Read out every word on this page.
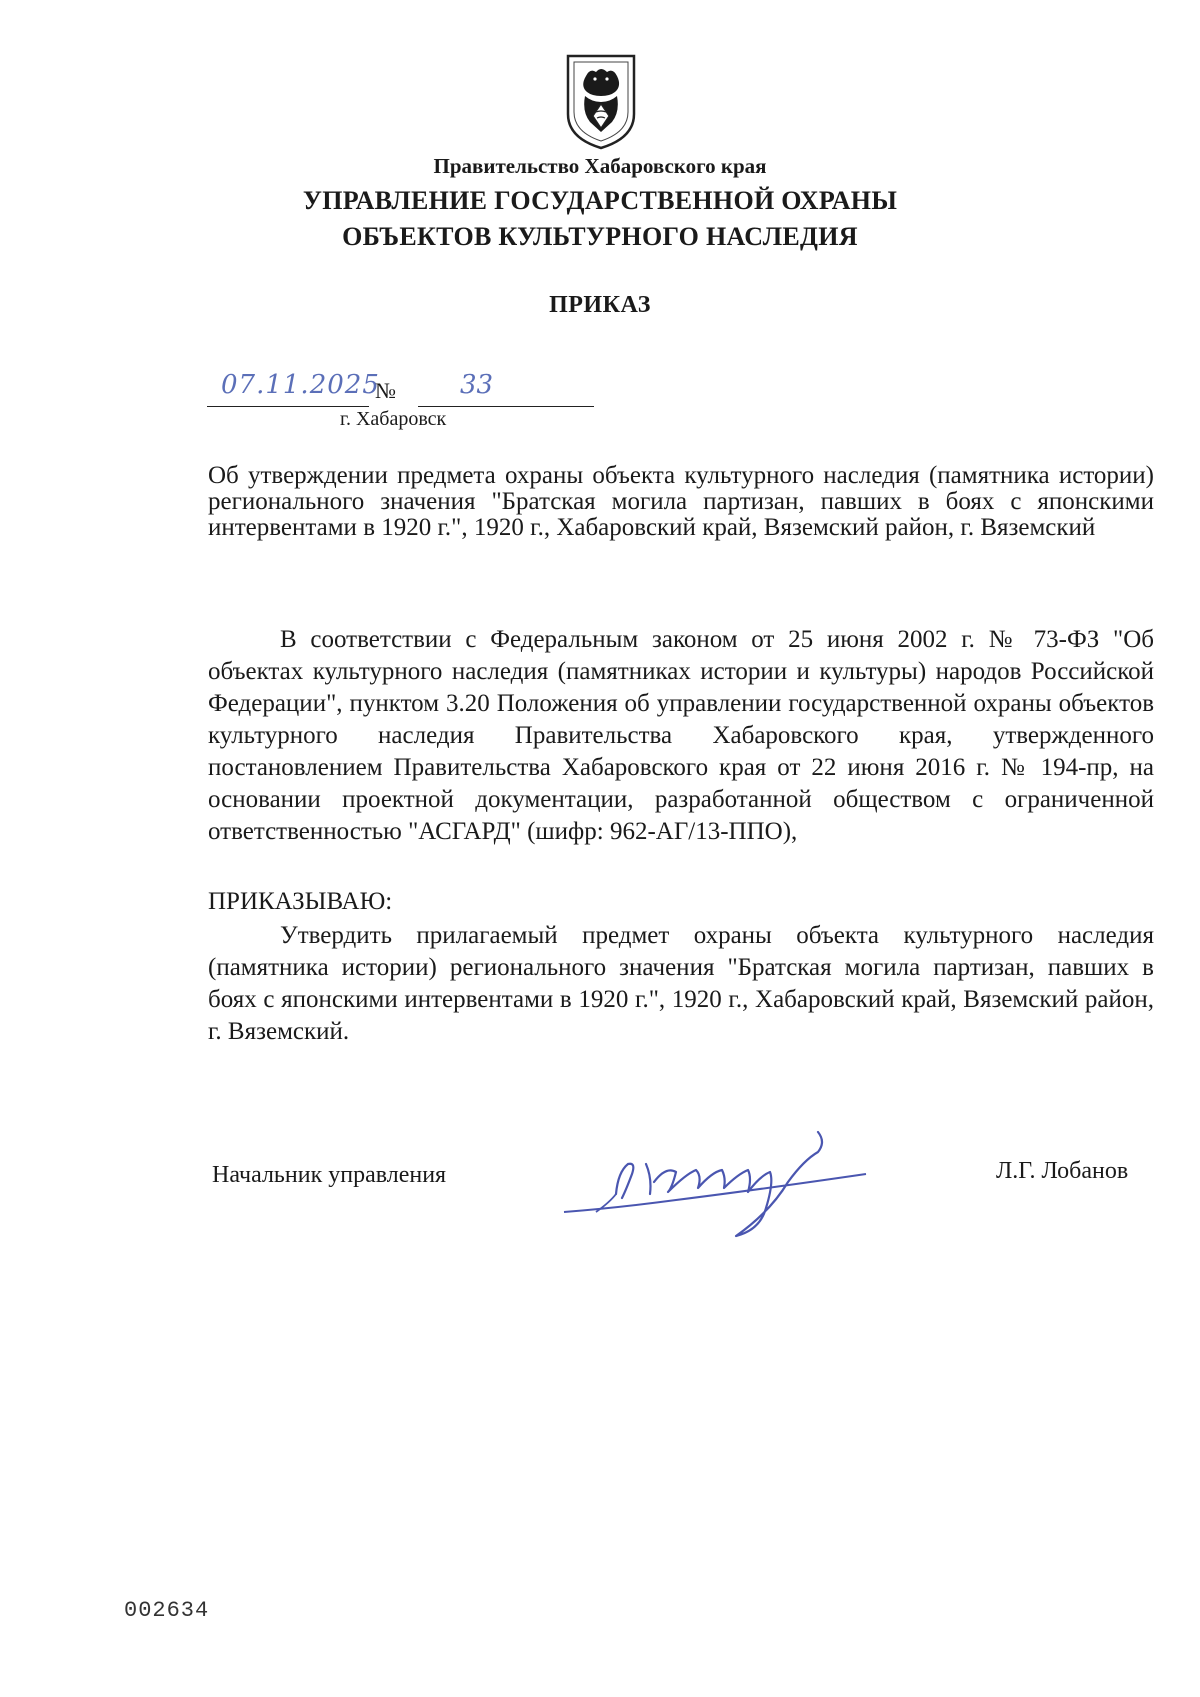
Правительство Хабаровского края
УПРАВЛЕНИЕ ГОСУДАРСТВЕННОЙ ОХРАНЫ
ОБЪЕКТОВ КУЛЬТУРНОГО НАСЛЕДИЯ
ПРИКАЗ
07.11.2025
№ 33
г. Хабаровск
Об утверждении предмета охраны объекта культурного наследия (памятника истории) регионального значения "Братская могила партизан, павших в боях с японскими интервентами в 1920 г.", 1920 г., Хабаровский край, Вяземский район, г. Вяземский
В соответствии с Федеральным законом от 25 июня 2002 г. № 73-ФЗ "Об объектах культурного наследия (памятниках истории и культуры) народов Российской Федерации", пунктом 3.20 Положения об управлении государственной охраны объектов культурного наследия Правительства Хабаровского края, утвержденного постановлением Правительства Хабаровского края от 22 июня 2016 г. № 194-пр, на основании проектной документации, разработанной обществом с ограниченной ответственностью "АСГАРД" (шифр: 962-АГ/13-ППО),
ПРИКАЗЫВАЮ:
Утвердить прилагаемый предмет охраны объекта культурного наследия (памятника истории) регионального значения "Братская могила партизан, павших в боях с японскими интервентами в 1920 г.", 1920 г., Хабаровский край, Вяземский район, г. Вяземский.
Начальник управления	Л.Г. Лобанов
002634
